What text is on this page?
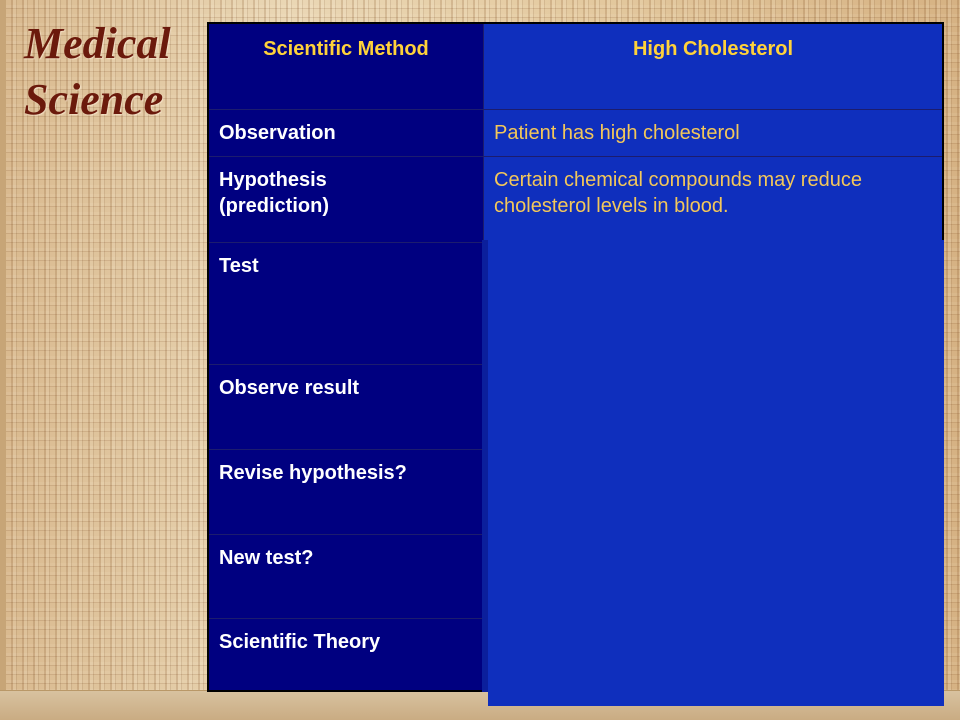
Medical
Science
Scientific Method	High Cholesterol
Observation	Patient has high cholesterol
Hypothesis
(prediction)
Certain chemical compounds may reduce cholesterol levels in blood.
Test
Observe result
Revise hypothesis?
New test?
Scientific Theory
